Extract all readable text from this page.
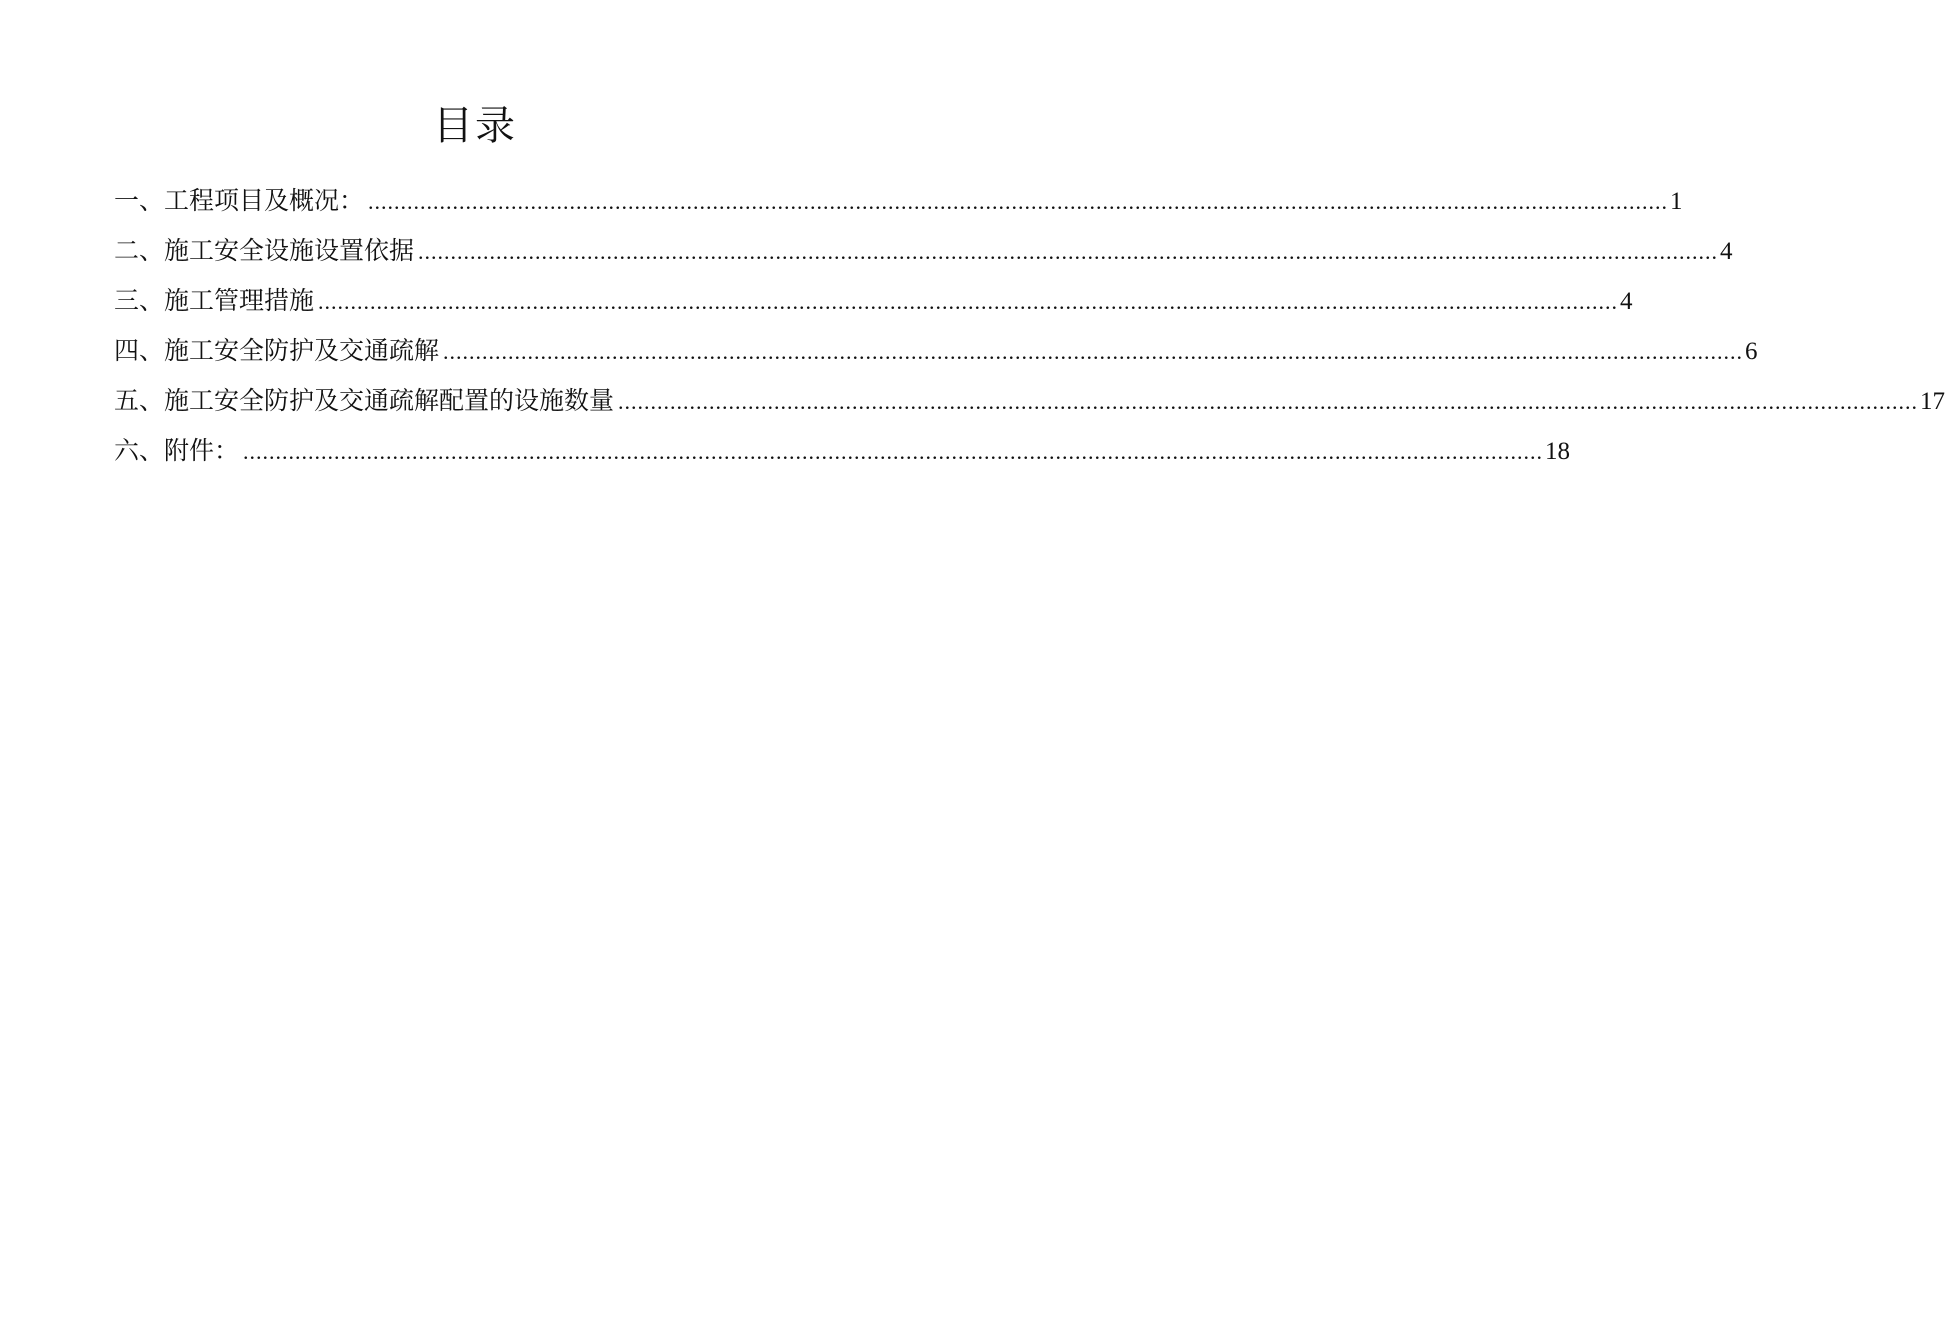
目录
一、工程项目及概况： ........................................................................................................................................................................................................ 1
二、施工安全设施设置依据 ........................................................................................................................................................................................................ 4
三、施工管理措施 ........................................................................................................................................................................................................ 4
四、施工安全防护及交通疏解 ........................................................................................................................................................................................................ 6
五、施工安全防护及交通疏解配置的设施数量 ........................................................................................................................................................................................................ 17
六、附件： ........................................................................................................................................................................................................ 18
